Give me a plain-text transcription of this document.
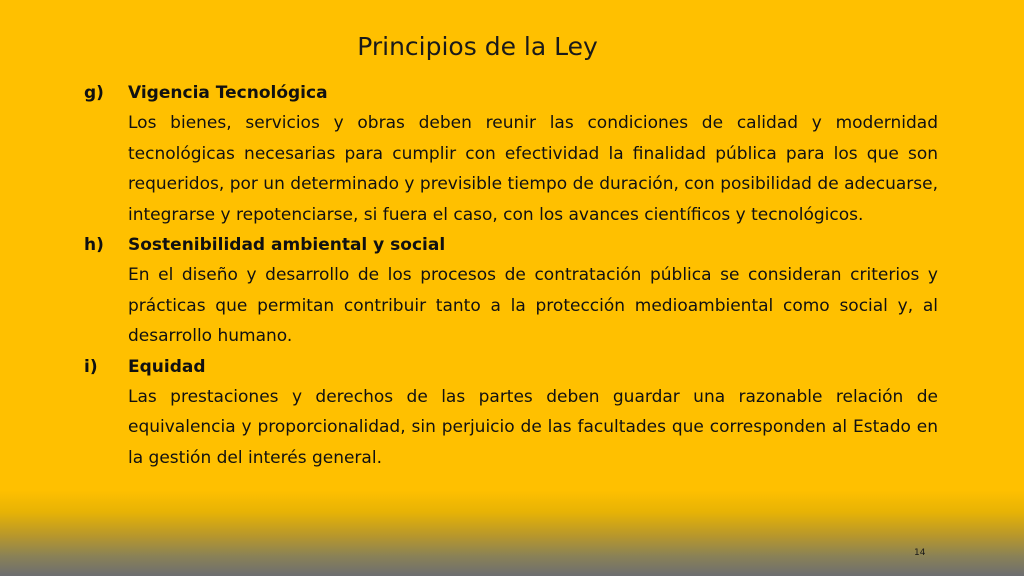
Principios de la Ley
g)	Vigencia Tecnológica

Los bienes, servicios y obras deben reunir las condiciones de calidad y modernidad tecnológicas necesarias para cumplir con efectividad la finalidad pública para los que son requeridos, por un determinado y previsible tiempo de duración, con posibilidad de adecuarse, integrarse y repotenciarse, si fuera el caso, con los avances científicos y tecnológicos.

h)	Sostenibilidad ambiental y social

En el diseño y desarrollo de los procesos de contratación pública se consideran criterios y prácticas que permitan contribuir tanto a la protección medioambiental como social y, al desarrollo humano.

i)	Equidad

Las prestaciones y derechos de las partes deben guardar una razonable relación de equivalencia y proporcionalidad, sin perjuicio de las facultades que corresponden al Estado en la gestión del interés general.

14
